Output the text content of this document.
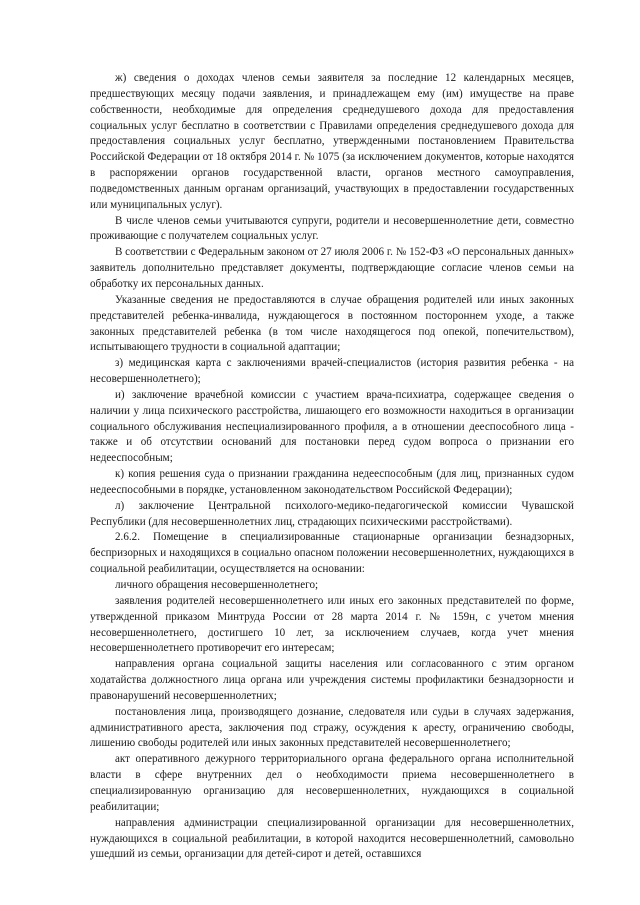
ж) сведения о доходах членов семьи заявителя за последние 12 календарных месяцев, предшествующих месяцу подачи заявления, и принадлежащем ему (им) имуществе на праве собственности, необходимые для определения среднедушевого дохода для предоставления социальных услуг бесплатно в соответствии с Правилами определения среднедушевого дохода для предоставления социальных услуг бесплатно, утвержденными постановлением Правительства Российской Федерации от 18 октября 2014 г. № 1075 (за исключением документов, которые находятся в распоряжении органов государственной власти, органов местного самоуправления, подведомственных данным органам организаций, участвующих в предоставлении государственных или муниципальных услуг).

В числе членов семьи учитываются супруги, родители и несовершеннолетние дети, совместно проживающие с получателем социальных услуг.

В соответствии с Федеральным законом от 27 июля 2006 г. № 152-ФЗ «О персональных данных» заявитель дополнительно представляет документы, подтверждающие согласие членов семьи на обработку их персональных данных.

Указанные сведения не предоставляются в случае обращения родителей или иных законных представителей ребенка-инвалида, нуждающегося в постоянном постороннем уходе, а также законных представителей ребенка (в том числе находящегося под опекой, попечительством), испытывающего трудности в социальной адаптации;

з) медицинская карта с заключениями врачей-специалистов (история развития ребенка - на несовершеннолетнего);

и) заключение врачебной комиссии с участием врача-психиатра, содержащее сведения о наличии у лица психического расстройства, лишающего его возможности находиться в организации социального обслуживания неспециализированного профиля, а в отношении дееспособного лица - также и об отсутствии оснований для постановки перед судом вопроса о признании его недееспособным;

к) копия решения суда о признании гражданина недееспособным (для лиц, признанных судом недееспособными в порядке, установленном законодательством Российской Федерации);

л) заключение Центральной психолого-медико-педагогической комиссии Чувашской Республики (для несовершеннолетних лиц, страдающих психическими расстройствами).

2.6.2. Помещение в специализированные стационарные организации безнадзорных, беспризорных и находящихся в социально опасном положении несовершеннолетних, нуждающихся в социальной реабилитации, осуществляется на основании:

личного обращения несовершеннолетнего;

заявления родителей несовершеннолетнего или иных его законных представителей по форме, утвержденной приказом Минтруда России от 28 марта 2014 г. № 159н, с учетом мнения несовершеннолетнего, достигшего 10 лет, за исключением случаев, когда учет мнения несовершеннолетнего противоречит его интересам;

направления органа социальной защиты населения или согласованного с этим органом ходатайства должностного лица органа или учреждения системы профилактики безнадзорности и правонарушений несовершеннолетних;

постановления лица, производящего дознание, следователя или судьи в случаях задержания, административного ареста, заключения под стражу, осуждения к аресту, ограничению свободы, лишению свободы родителей или иных законных представителей несовершеннолетнего;

акт оперативного дежурного территориального органа федерального органа исполнительной власти в сфере внутренних дел о необходимости приема несовершеннолетнего в специализированную организацию для несовершеннолетних, нуждающихся в социальной реабилитации;

направления администрации специализированной организации для несовершеннолетних, нуждающихся в социальной реабилитации, в которой находится несовершеннолетний, самовольно ушедший из семьи, организации для детей-сирот и детей, оставшихся
